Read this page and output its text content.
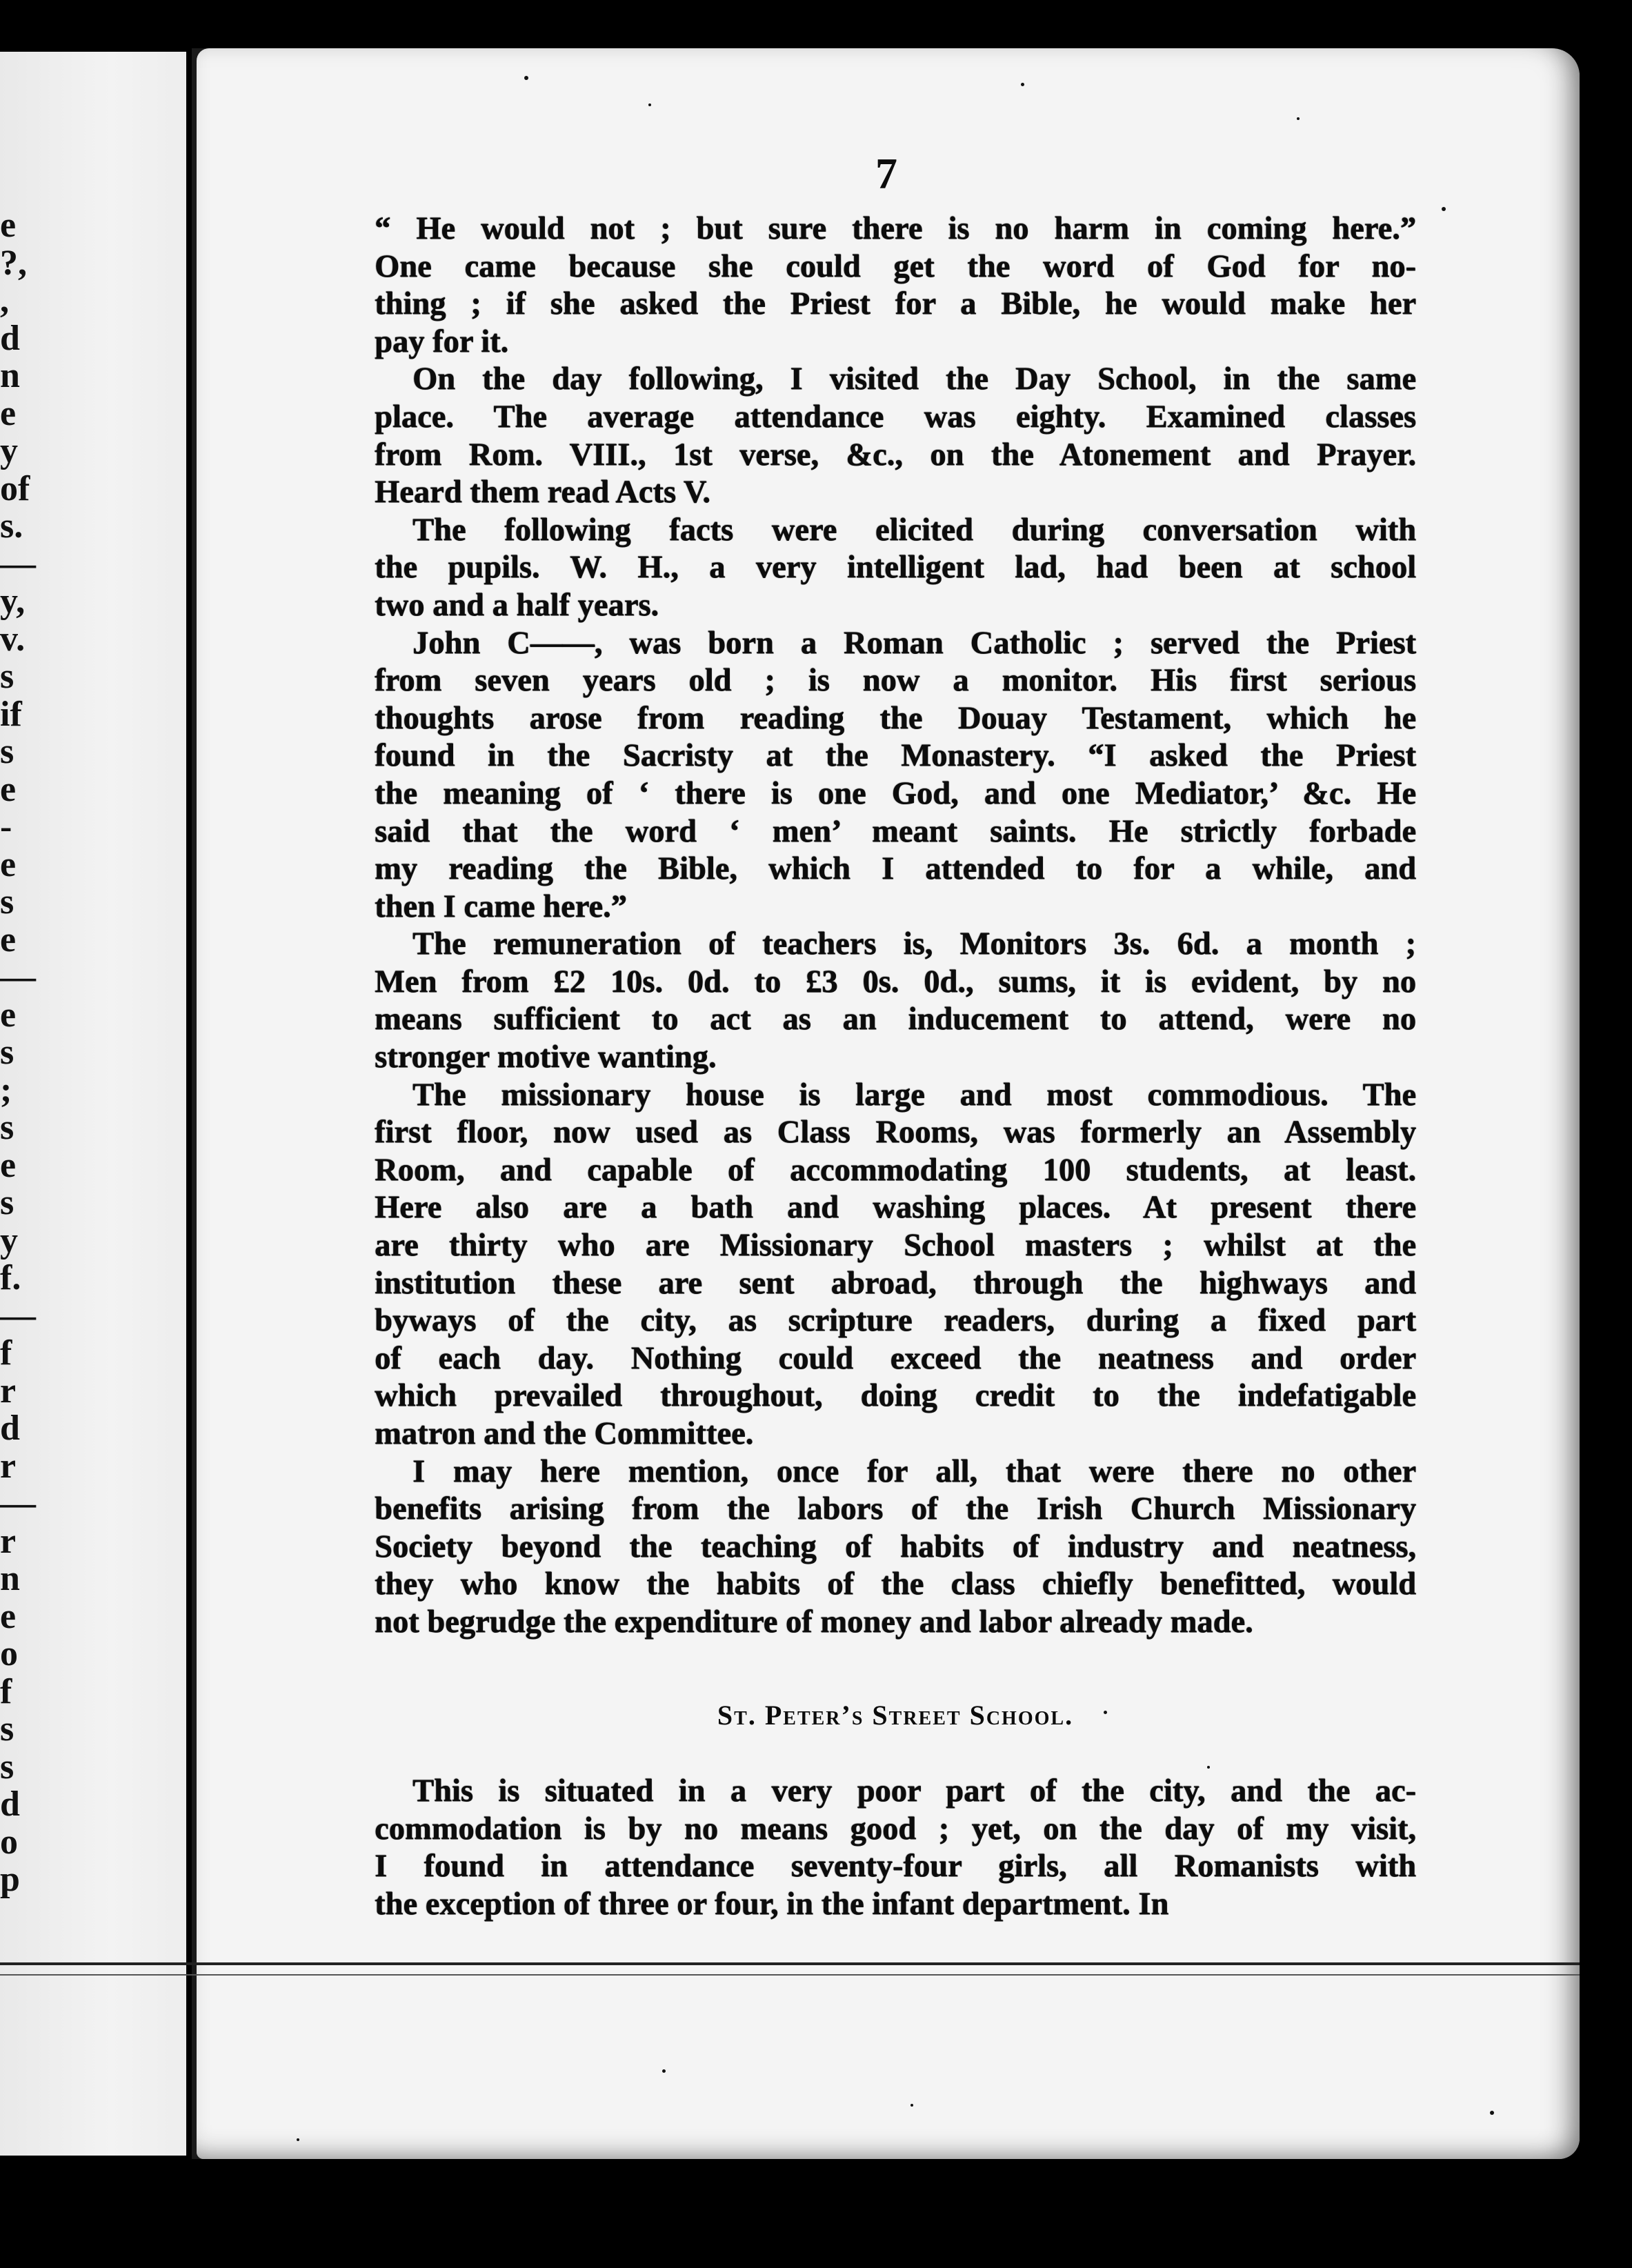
e
?,
,
d
n
e
y
of
s.
—
y,
v.
s
if
s
e
-
e
s
e
—
e
s
;
s
e
s
y
f.
—
f
r
d
r
—
r
n
e
o
f
s
s
d
o
p
7
“ He would not ; but sure there is no harm in coming here.”
One came because she could get the word of God for no-
thing ; if she asked the Priest for a Bible, he would make her
pay for it.
On the day following, I visited the Day School, in the same
place. The average attendance was eighty. Examined classes
from Rom. VIII., 1st verse, &c., on the Atonement and Prayer.
Heard them read Acts V.
The following facts were elicited during conversation with
the pupils. W. H., a very intelligent lad, had been at school
two and a half years.
John C——, was born a Roman Catholic ; served the Priest
from seven years old ; is now a monitor. His first serious
thoughts arose from reading the Douay Testament, which he
found in the Sacristy at the Monastery. “I asked the Priest
the meaning of ‘ there is one God, and one Mediator,’ &c. He
said that the word ‘ men’ meant saints. He strictly forbade
my reading the Bible, which I attended to for a while, and
then I came here.”
The remuneration of teachers is, Monitors 3s. 6d. a month ;
Men from £2 10s. 0d. to £3 0s. 0d., sums, it is evident, by no
means sufficient to act as an inducement to attend, were no
stronger motive wanting.
The missionary house is large and most commodious. The
first floor, now used as Class Rooms, was formerly an Assembly
Room, and capable of accommodating 100 students, at least.
Here also are a bath and washing places. At present there
are thirty who are Missionary School masters ; whilst at the
institution these are sent abroad, through the highways and
byways of the city, as scripture readers, during a fixed part
of each day. Nothing could exceed the neatness and order
which prevailed throughout, doing credit to the indefatigable
matron and the Committee.
I may here mention, once for all, that were there no other
benefits arising from the labors of the Irish Church Missionary
Society beyond the teaching of habits of industry and neatness,
they who know the habits of the class chiefly benefitted, would
not begrudge the expenditure of money and labor already made.
St. Peter’s Street School.
This is situated in a very poor part of the city, and the ac-
commodation is by no means good ; yet, on the day of my visit,
I found in attendance seventy-four girls, all Romanists with
the exception of three or four, in the infant department. In
